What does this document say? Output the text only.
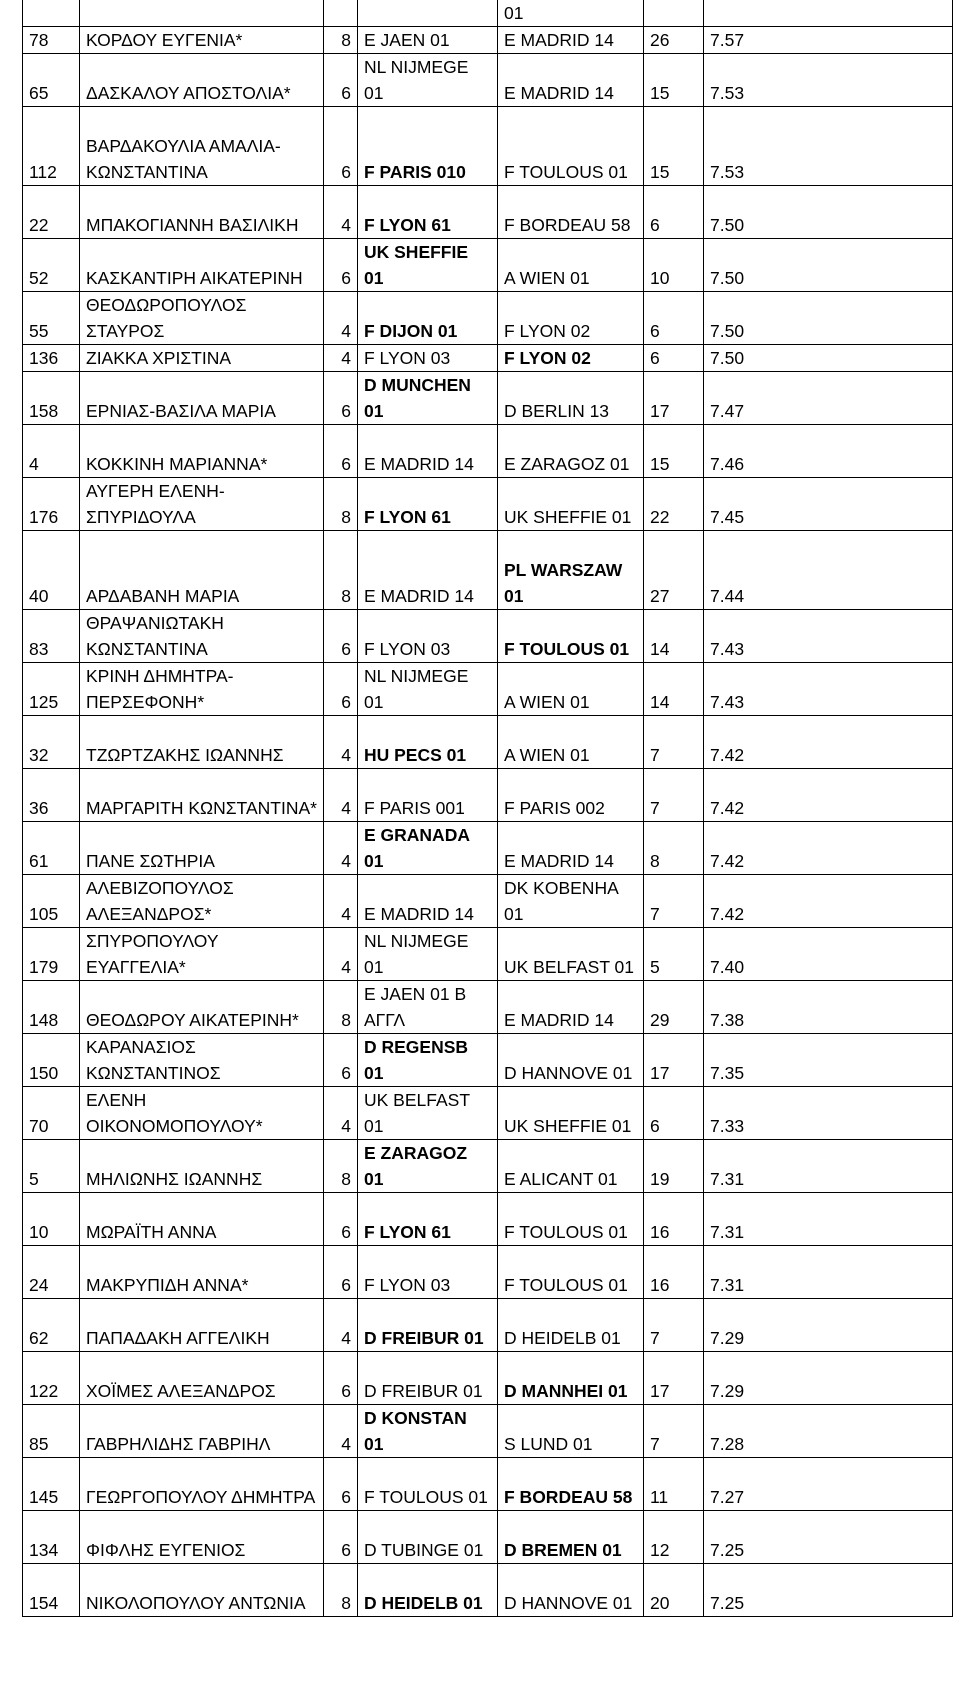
				01		
78	ΚΟΡΔΟΥ ΕΥΓΕΝΙΑ*	8	E JAEN 01	E MADRID 14	26	7.57
65	ΔΑΣΚΑΛΟΥ ΑΠΟΣΤΟΛΙΑ*	6	NL NIJMEGE 01	E MADRID 14	15	7.53
112	ΒΑΡΔΑΚΟΥΛΙΑ ΑΜΑΛΙΑ-ΚΩΝΣΤΑΝΤΙΝΑ	6	F PARIS 010	F TOULOUS 01	15	7.53
22	ΜΠΑΚΟΓΙΑΝΝΗ ΒΑΣΙΛΙΚΗ	4	F LYON 61	F BORDEAU 58	6	7.50
52	ΚΑΣΚΑΝΤΙΡΗ ΑΙΚΑΤΕΡΙΝΗ	6	UK SHEFFIE 01	A WIEN 01	10	7.50
55	ΘΕΟΔΩΡΟΠΟΥΛΟΣ ΣΤΑΥΡΟΣ	4	F DIJON 01	F LYON 02	6	7.50
136	ΖΙΑΚΚΑ ΧΡΙΣΤΙΝΑ	4	F LYON 03	F LYON 02	6	7.50
158	ΕΡΝΙΑΣ-ΒΑΣΙΛΑ ΜΑΡΙΑ	6	D MUNCHEN 01	D BERLIN 13	17	7.47
4	ΚΟΚΚΙΝΗ ΜΑΡΙΑΝΝΑ*	6	E MADRID 14	E ZARAGOZ 01	15	7.46
176	ΑΥΓΕΡΗ ΕΛΕΝΗ-ΣΠΥΡΙΔΟΥΛΑ	8	F LYON 61	UK SHEFFIE 01	22	7.45
40	ΑΡΔΑΒΑΝΗ ΜΑΡΙΑ	8	E MADRID 14	PL WARSZAW 01	27	7.44
83	ΘΡΑΨΑΝΙΩΤΑΚΗ ΚΩΝΣΤΑΝΤΙΝΑ	6	F LYON 03	F TOULOUS 01	14	7.43
125	ΚΡΙΝΗ ΔΗΜΗΤΡΑ-ΠΕΡΣΕΦΟΝΗ*	6	NL NIJMEGE 01	A WIEN 01	14	7.43
32	ΤΖΩΡΤΖΑΚΗΣ ΙΩΑΝΝΗΣ	4	HU PECS 01	A WIEN 01	7	7.42
36	ΜΑΡΓΑΡΙΤΗ ΚΩΝΣΤΑΝΤΙΝΑ*	4	F PARIS 001	F PARIS 002	7	7.42
61	ΠΑΝΕ ΣΩΤΗΡΙΑ	4	E GRANADA 01	E MADRID 14	8	7.42
105	ΑΛΕΒΙΖΟΠΟΥΛΟΣ ΑΛΕΞΑΝΔΡΟΣ*	4	E MADRID 14	DK KOBENHA 01	7	7.42
179	ΣΠΥΡΟΠΟΥΛΟΥ ΕΥΑΓΓΕΛΙΑ*	4	NL NIJMEGE 01	UK BELFAST 01	5	7.40
148	ΘΕΟΔΩΡΟΥ ΑΙΚΑΤΕΡΙΝΗ*	8	E JAEN 01 B ΑΓΓΛ	E MADRID 14	29	7.38
150	ΚΑΡΑΝΑΣΙΟΣ ΚΩΝΣΤΑΝΤΙΝΟΣ	6	D REGENSB 01	D HANNOVE 01	17	7.35
70	ΕΛΕΝΗ ΟΙΚΟΝΟΜΟΠΟΥΛΟΥ*	4	UK BELFAST 01	UK SHEFFIE 01	6	7.33
5	ΜΗΛΙΩΝΗΣ ΙΩΑΝΝΗΣ	8	E ZARAGOZ 01	E ALICANT 01	19	7.31
10	ΜΩΡΑΪΤΗ ΑΝΝΑ	6	F LYON 61	F TOULOUS 01	16	7.31
24	ΜΑΚΡΥΠΙΔΗ ΑΝΝΑ*	6	F LYON 03	F TOULOUS 01	16	7.31
62	ΠΑΠΑΔΑΚΗ ΑΓΓΕΛΙΚΗ	4	D FREIBUR 01	D HEIDELB 01	7	7.29
122	ΧΟΪΜΕΣ ΑΛΕΞΑΝΔΡΟΣ	6	D FREIBUR 01	D MANNHEI 01	17	7.29
85	ΓΑΒΡΗΛΙΔΗΣ ΓΑΒΡΙΗΛ	4	D KONSTAN 01	S LUND 01	7	7.28
145	ΓΕΩΡΓΟΠΟΥΛΟΥ ΔΗΜΗΤΡΑ	6	F TOULOUS 01	F BORDEAU 58	11	7.27
134	ΦΙΦΛΗΣ ΕΥΓΕΝΙΟΣ	6	D TUBINGE 01	D BREMEN 01	12	7.25
154	ΝΙΚΟΛΟΠΟΥΛΟΥ ΑΝΤΩΝΙΑ	8	D HEIDELB 01	D HANNOVE 01	20	7.25
